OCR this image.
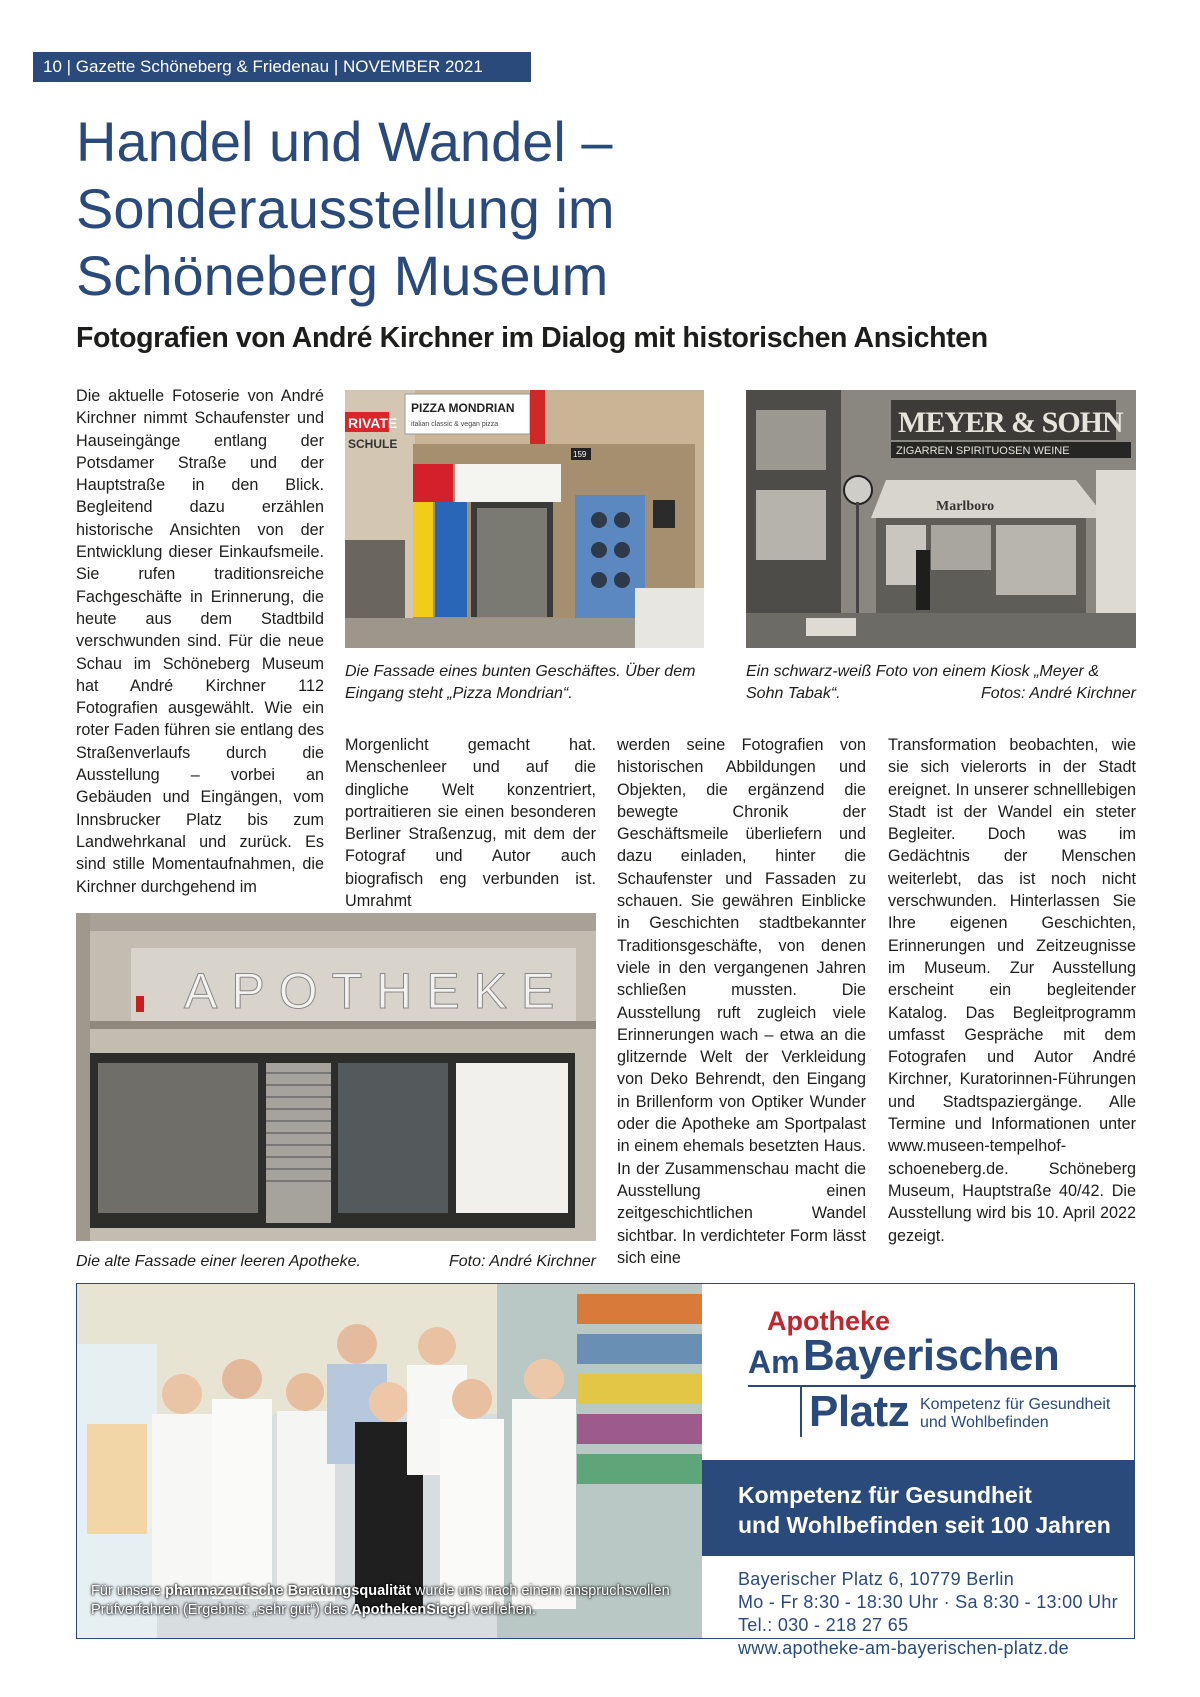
10 | Gazette Schöneberg & Friedenau | NOVEMBER 2021
Handel und Wandel –
Sonderausstellung im
Schöneberg Museum
Fotografien von André Kirchner im Dialog mit historischen Ansichten

Die aktuelle Fotoserie von André Kirchner nimmt Schaufenster und Hauseingänge entlang der Potsdamer Straße und der Hauptstraße in den Blick. Begleitend dazu erzählen historische Ansichten von der Entwicklung dieser Einkaufsmeile. Sie rufen traditionsreiche Fachgeschäfte in Erinnerung, die heute aus dem Stadtbild verschwunden sind. Für die neue Schau im Schöneberg Museum hat André Kirchner 112 Fotografien ausgewählt. Wie ein roter Faden führen sie entlang des Straßenverlaufs durch die Ausstellung – vorbei an Gebäuden und Eingängen, vom Innsbrucker Platz bis zum Landwehrkanal und zurück. Es sind stille Momentaufnahmen, die Kirchner durchgehend im

RIVATE
SCHULE
PIZZA MONDRIAN
italian classic & vegan pizza
159
Die Fassade eines bunten Geschäftes. Über dem Eingang steht „Pizza Mondrian“.
MEYER & SOHN
ZIGARREN SPIRITUOSEN WEINE
Marlboro
Ein schwarz-weiß Foto von einem Kiosk „Meyer & Sohn Tabak“.	Fotos: André Kirchner

Morgenlicht gemacht hat. Menschenleer und auf die dingliche Welt konzentriert, portraitieren sie einen besonderen Berliner Straßenzug, mit dem der Fotograf und Autor auch biografisch eng verbunden ist. Umrahmt

APOTHEKE
Die alte Fassade einer leeren Apotheke.	Foto: André Kirchner

werden seine Fotografien von historischen Abbildungen und Objekten, die ergänzend die bewegte Chronik der Geschäftsmeile überliefern und dazu einladen, hinter die Schaufenster und Fassaden zu schauen. Sie gewähren Einblicke in Geschichten stadtbekannter Traditionsgeschäfte, von denen viele in den vergangenen Jahren schließen mussten. Die Ausstellung ruft zugleich viele Erinnerungen wach – etwa an die glitzernde Welt der Verkleidung von Deko Behrendt, den Eingang in Brillenform von Optiker Wunder oder die Apotheke am Sportpalast in einem ehemals besetzten Haus. In der Zusammenschau macht die Ausstellung einen zeitgeschichtlichen Wandel sichtbar. In verdichteter Form lässt sich eine

Transformation beobachten, wie sie sich vielerorts in der Stadt ereignet. In unserer schnelllebigen Stadt ist der Wandel ein steter Begleiter. Doch was im Gedächtnis der Menschen weiterlebt, das ist noch nicht verschwunden. Hinterlassen Sie Ihre eigenen Geschichten, Erinnerungen und Zeitzeugnisse im Museum. Zur Ausstellung erscheint ein begleitender Katalog. Das Begleitprogramm umfasst Gespräche mit dem Fotografen und Autor André Kirchner, Kuratorinnen-Führungen und Stadtspaziergänge. Alle Termine und Informationen unter www.museen-tempelhof-schoeneberg.de. Schöneberg Museum, Hauptstraße 40/42. Die Ausstellung wird bis 10. April 2022 gezeigt.

Für unsere pharmazeutische Beratungsqualität wurde uns nach einem anspruchsvollen Prüfverfahren (Ergebnis: „sehr gut“) das ApothekenSiegel verliehen.
Apotheke
Am Bayerischen
Platz Kompetenz für Gesundheit
und Wohlbefinden
Kompetenz für Gesundheit
und Wohlbefinden seit 100 Jahren
Bayerischer Platz 6, 10779 Berlin
Mo - Fr 8:30 - 18:30 Uhr · Sa 8:30 - 13:00 Uhr
Tel.: 030 - 218 27 65
www.apotheke-am-bayerischen-platz.de
